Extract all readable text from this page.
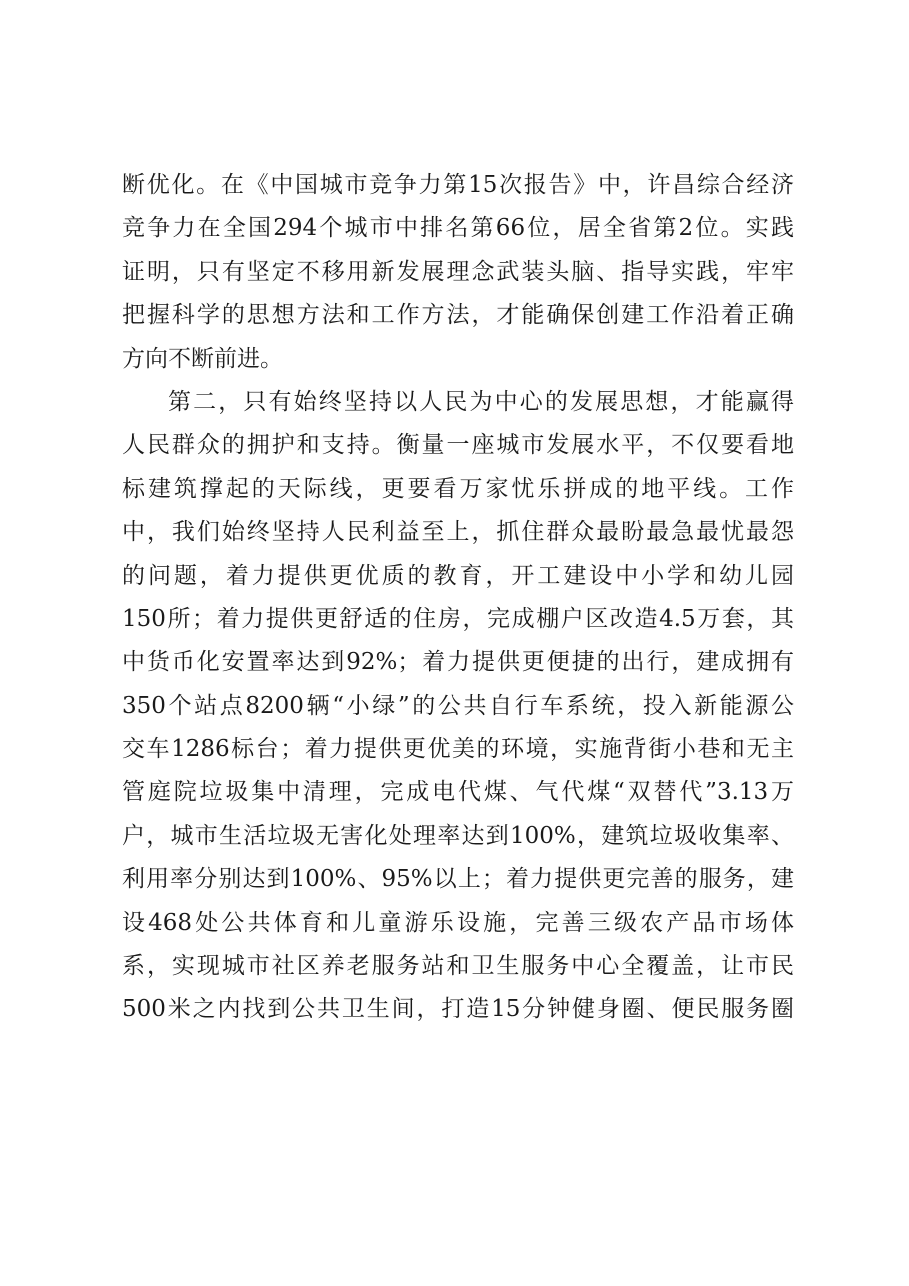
断优化。在《中国城市竞争力第15次报告》中，许昌综合经济
竞争力在全国294个城市中排名第66位，居全省第2位。实践
证明，只有坚定不移用新发展理念武装头脑、指导实践，牢牢
把握科学的思想方法和工作方法，才能确保创建工作沿着正确
方向不断前进。
第二，只有始终坚持以人民为中心的发展思想，才能赢得
人民群众的拥护和支持。衡量一座城市发展水平，不仅要看地
标建筑撑起的天际线，更要看万家忧乐拼成的地平线。工作
中，我们始终坚持人民利益至上，抓住群众最盼最急最忧最怨
的问题，着力提供更优质的教育，开工建设中小学和幼儿园
150所；着力提供更舒适的住房，完成棚户区改造4.5万套，其
中货币化安置率达到92%；着力提供更便捷的出行，建成拥有
350个站点8200辆“小绿”的公共自行车系统，投入新能源公
交车1286标台；着力提供更优美的环境，实施背街小巷和无主
管庭院垃圾集中清理，完成电代煤、气代煤“双替代”3.13万
户，城市生活垃圾无害化处理率达到100%，建筑垃圾收集率、
利用率分别达到100%、95%以上；着力提供更完善的服务，建
设468处公共体育和儿童游乐设施，完善三级农产品市场体
系，实现城市社区养老服务站和卫生服务中心全覆盖，让市民
500米之内找到公共卫生间，打造15分钟健身圈、便民服务圈
